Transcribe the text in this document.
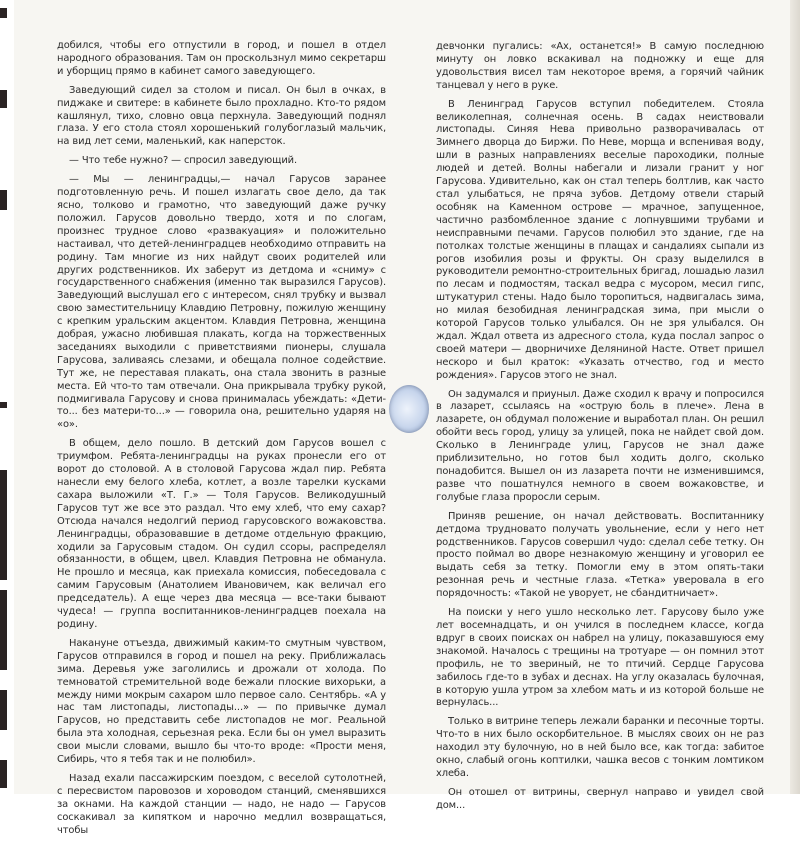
добился, чтобы его отпустили в город, и пошел в отдел народного образования. Там он проскользнул мимо секретарш и уборщиц прямо в кабинет самого заведующего.

Заведующий сидел за столом и писал. Он был в очках, в пиджаке и свитере: в кабинете было прохладно. Кто-то рядом кашлянул, тихо, словно овца перхнула. Заведующий поднял глаза. У его стола стоял хорошенький голубоглазый мальчик, на вид лет семи, маленький, как наперсток.

— Что тебе нужно? — спросил заведующий.

— Мы — ленинградцы,— начал Гарусов заранее подготовленную речь. И пошел излагать свое дело, да так ясно, толково и грамотно, что заведующий даже ручку положил. Гарусов довольно твердо, хотя и по слогам, произнес трудное слово «развакуация» и положительно настаивал, что детей-ленинградцев необходимо отправить на родину. Там многие из них найдут своих родителей или других родственников. Их заберут из детдома и «сниму» с государственного снабжения (именно так выразился Гарусов). Заведующий выслушал его с интересом, снял трубку и вызвал свою заместительницу Клавдию Петровну, пожилую женщину с крепким уральским акцентом. Клавдия Петровна, женщина добрая, ужасно любившая плакать, когда на торжественных заседаниях выходили с приветствиями пионеры, слушала Гарусова, заливаясь слезами, и обещала полное содействие. Тут же, не переставая плакать, она стала звонить в разные места. Ей что-то там отвечали. Она прикрывала трубку рукой, подмигивала Гарусову и снова принималась убеждать: «Дети-то... без матери-то...» — говорила она, решительно ударяя на «о».

В общем, дело пошло. В детский дом Гарусов вошел с триумфом. Ребята-ленинградцы на руках пронесли его от ворот до столовой. А в столовой Гарусова ждал пир. Ребята нанесли ему белого хлеба, котлет, а возле тарелки кусками сахара выложили «Т. Г.» — Толя Гарусов. Великодушный Гарусов тут же все это раздал. Что ему хлеб, что ему сахар? Отсюда начался недолгий период гарусовского вожаковства. Ленинградцы, образовавшие в детдоме отдельную фракцию, ходили за Гарусовым стадом. Он судил ссоры, распределял обязанности, в общем, цвел. Клавдия Петровна не обманула. Не прошло и месяца, как приехала комиссия, побеседовала с самим Гарусовым (Анатолием Ивановичем, как величал его председатель). А еще через два месяца — все-таки бывают чудеса! — группа воспитанников-ленинградцев поехала на родину.

Накануне отъезда, движимый каким-то смутным чувством, Гарусов отправился в город и пошел на реку. Приближалась зима. Деревья уже заголились и дрожали от холода. По темноватой стремительной воде бежали плоские вихорьки, а между ними мокрым сахаром шло первое сало. Сентябрь. «А у нас там листопады, листопады...» — по привычке думал Гарусов, но представить себе листопадов не мог. Реальной была эта холодная, серьезная река. Если бы он умел выразить свои мысли словами, вышло бы что-то вроде: «Прости меня, Сибирь, что я тебя так и не полюбил».

Назад ехали пассажирским поездом, с веселой сутолотней, с пересвистом паровозов и хороводом станций, сменявшихся за окнами. На каждой станции — надо, не надо — Гарусов соскакивал за кипятком и нарочно медлил возвращаться, чтобы

девчонки пугались: «Ах, останется!» В самую последнюю минуту он ловко вскакивал на подножку и еще для удовольствия висел там некоторое время, а горячий чайник танцевал у него в руке.

В Ленинград Гарусов вступил победителем. Стояла великолепная, солнечная осень. В садах неиствовали листопады. Синяя Нева привольно разворачивалась от Зимнего дворца до Биржи. По Неве, морща и вспенивая воду, шли в разных направлениях веселые пароходики, полные людей и детей. Волны набегали и лизали гранит у ног Гарусова. Удивительно, как он стал теперь болтлив, как часто стал улыбаться, не пряча зубов. Детдому отвели старый особняк на Каменном острове — мрачное, запущенное, частично разбомбленное здание с лопнувшими трубами и неисправными печами. Гарусов полюбил это здание, где на потолках толстые женщины в плащах и сандалиях сыпали из рогов изобилия розы и фрукты. Он сразу выделился в руководители ремонтно-строительных бригад, лошадью лазил по лесам и подмостям, таскал ведра с мусором, месил гипс, штукатурил стены. Надо было торопиться, надвигалась зима, но милая безобидная ленинградская зима, при мысли о которой Гарусов только улыбался. Он не зря улыбался. Он ждал. Ждал ответа из адресного стола, куда послал запрос о своей матери — дворничихе Деляниной Насте. Ответ пришел нескоро и был краток: «Указать отчество, год и место рождения». Гарусов этого не знал.

Он задумался и приуныл. Даже сходил к врачу и попросился в лазарет, ссылаясь на «острую боль в плече». Лена в лазарете, он обдумал положение и выработал план. Он решил обойти весь город, улицу за улицей, пока не найдет свой дом. Сколько в Ленинграде улиц, Гарусов не знал даже приблизительно, но готов был ходить долго, сколько понадобится. Вышел он из лазарета почти не изменившимся, разве что пошатнулся немного в своем вожаковстве, и голубые глаза проросли серым.

Приняв решение, он начал действовать. Воспитаннику детдома трудновато получать увольнение, если у него нет родственников. Гарусов совершил чудо: сделал себе тетку. Он просто поймал во дворе незнакомую женщину и уговорил ее выдать себя за тетку. Помогли ему в этом опять-таки резонная речь и честные глаза. «Тетка» уверовала в его порядочность: «Такой не уворует, не сбандитничает».

На поиски у него ушло несколько лет. Гарусову было уже лет восемнадцать, и он учился в последнем классе, когда вдруг в своих поисках он набрел на улицу, показавшуюся ему знакомой. Началось с трещины на тротуаре — он помнил этот профиль, не то звериный, не то птичий. Сердце Гарусова забилось где-то в зубах и деснах. На углу оказалась булочная, в которую ушла утром за хлебом мать и из которой больше не вернулась...

Только в витрине теперь лежали баранки и песочные торты. Что-то в них было оскорбительное. В мыслях своих он не раз находил эту булочную, но в ней было все, как тогда: забитое окно, слабый огонь коптилки, чашка весов с тонким ломтиком хлеба.

Он отошел от витрины, свернул направо и увидел свой дом...
